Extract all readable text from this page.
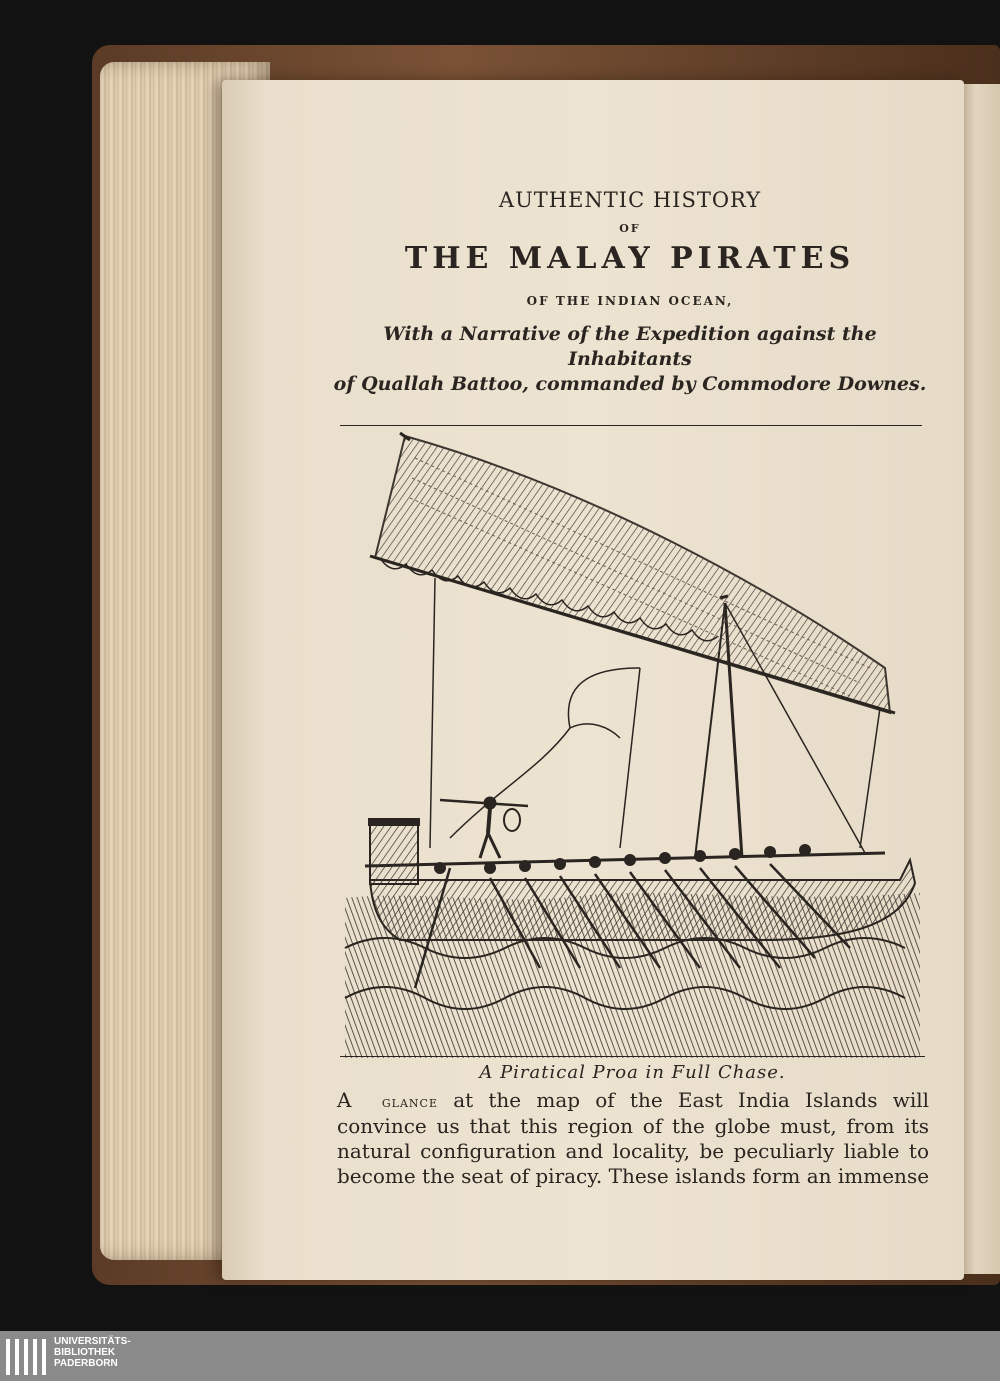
AUTHENTIC HISTORY
OF
THE MALAY PIRATES
OF THE INDIAN OCEAN,
With a Narrative of the Expedition against the Inhabitants
of Quallah Battoo, commanded by Commodore Downes.
A Piratical Proa in Full Chase.
A glance at the map of the East India Islands will
convince us that this region of the globe must, from its
natural configuration and locality, be peculiarly liable to
become the seat of piracy. These islands form an immense
UNIVERSITÄTS-
BIBLIOTHEK
PADERBORN
